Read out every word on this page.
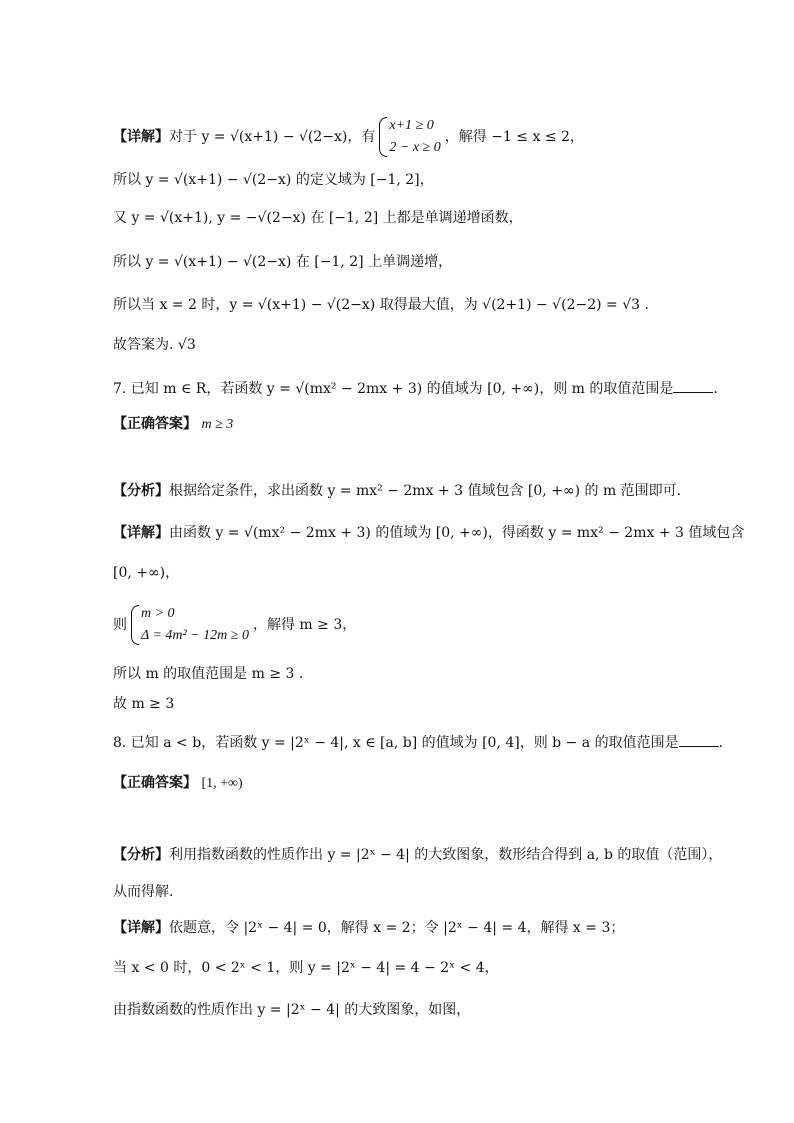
【详解】对于 y = √(x+1) − √(2−x)，有
x+1 ≥ 0
2 − x ≥ 0
，解得 −1 ≤ x ≤ 2，
所以 y = √(x+1) − √(2−x) 的定义域为 [−1, 2]，
又 y = √(x+1), y = −√(2−x) 在 [−1, 2] 上都是单调递增函数，
所以 y = √(x+1) − √(2−x) 在 [−1, 2] 上单调递增，
所以当 x = 2 时，y = √(x+1) − √(2−x) 取得最大值，为 √(2+1) − √(2−2) = √3 .
故答案为. √3
7. 已知 m ∈ R，若函数 y = √(mx² − 2mx + 3) 的值域为 [0, +∞)，则 m 的取值范围是	.
【正确答案】 m ≥ 3
【分析】根据给定条件，求出函数 y = mx² − 2mx + 3 值域包含 [0, +∞) 的 m 范围即可.
【详解】由函数 y = √(mx² − 2mx + 3) 的值域为 [0, +∞)，得函数 y = mx² − 2mx + 3 值域包含
[0, +∞)，
则
m > 0
Δ = 4m² − 12m ≥ 0
，解得 m ≥ 3，
所以 m 的取值范围是 m ≥ 3 .
故 m ≥ 3
8. 已知 a < b，若函数 y = |2ˣ − 4|, x ∈ [a, b] 的值域为 [0, 4]，则 b − a 的取值范围是	.
【正确答案】 [1, +∞)
【分析】利用指数函数的性质作出 y = |2ˣ − 4| 的大致图象，数形结合得到 a, b 的取值（范围），
从而得解.
【详解】依题意，令 |2ˣ − 4| = 0，解得 x = 2；令 |2ˣ − 4| = 4，解得 x = 3；
当 x < 0 时，0 < 2ˣ < 1，则 y = |2ˣ − 4| = 4 − 2ˣ < 4，
由指数函数的性质作出 y = |2ˣ − 4| 的大致图象，如图，
